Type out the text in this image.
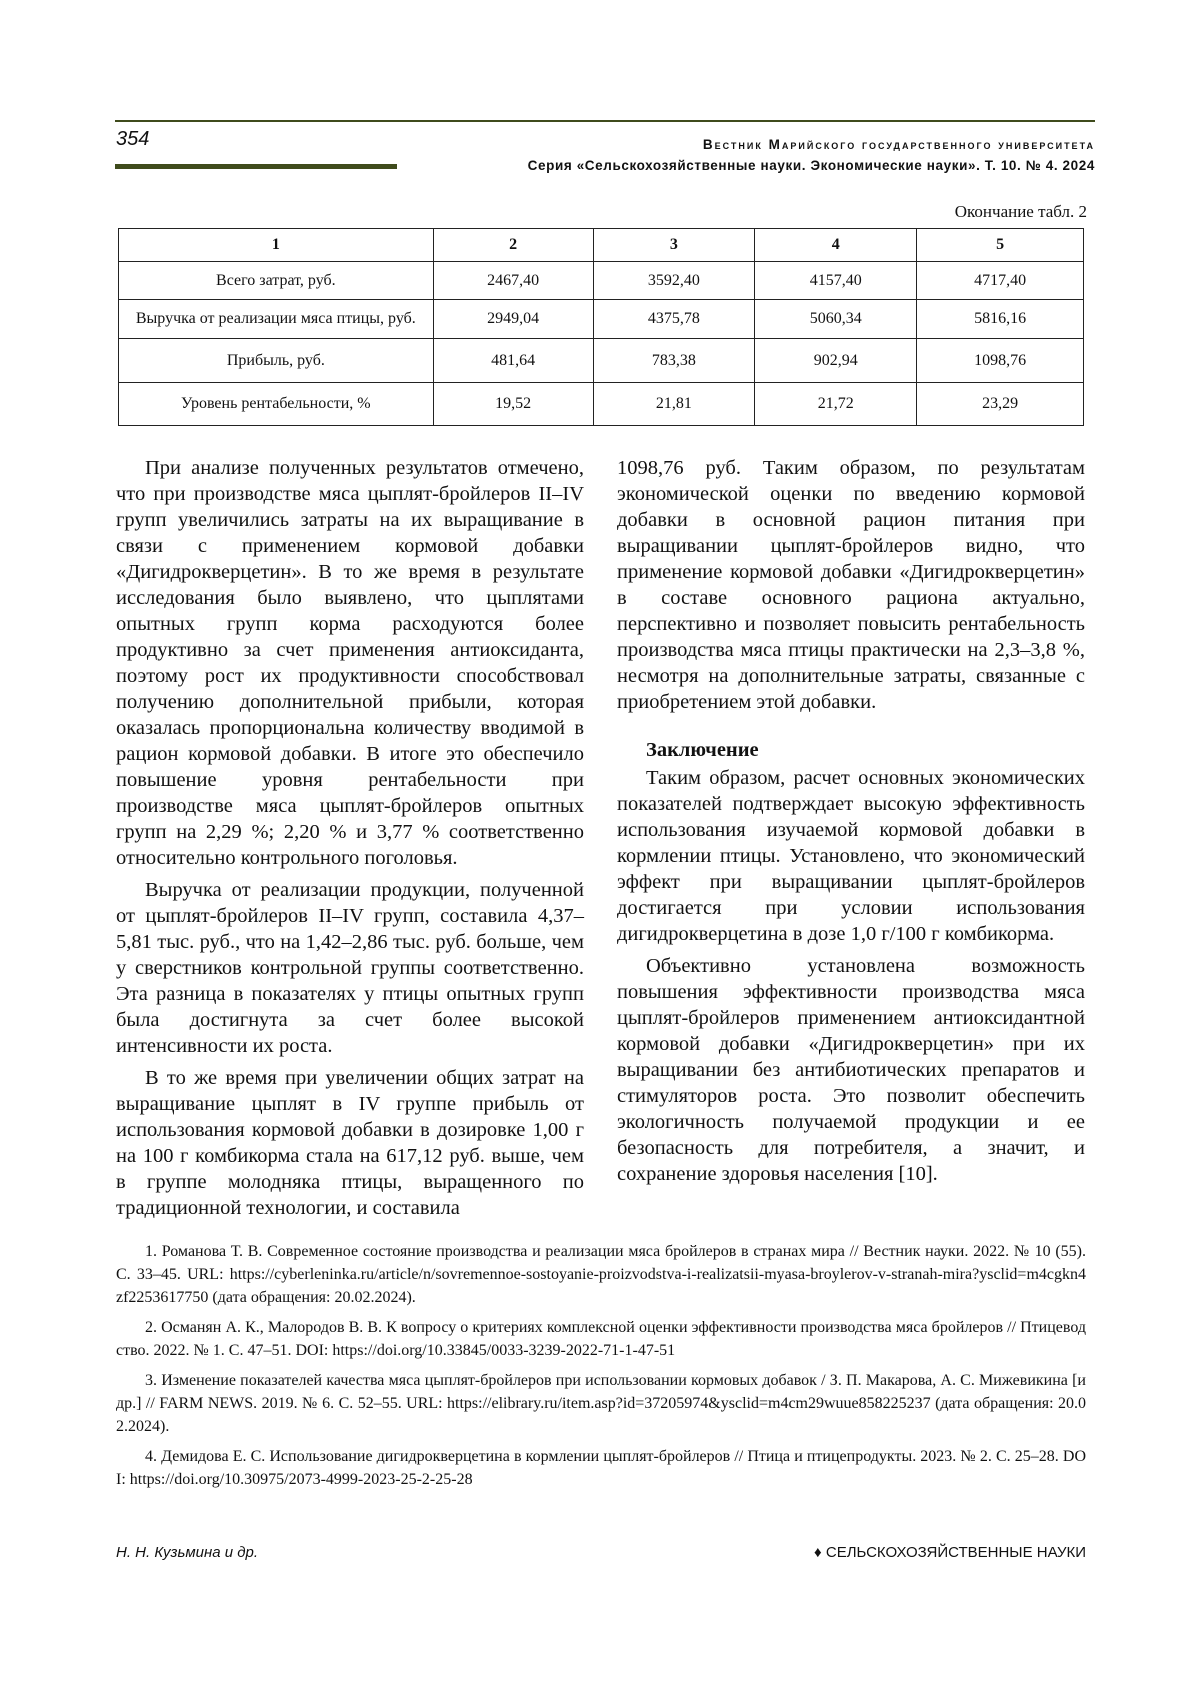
354	Вестник Марийского государственного университета
Серия «Сельскохозяйственные науки. Экономические науки». Т. 10. № 4. 2024
Окончание табл. 2
1	2	3	4	5
Всего затрат, руб.	2467,40	3592,40	4157,40	4717,40
Выручка от реализации мяса птицы, руб.	2949,04	4375,78	5060,34	5816,16
Прибыль, руб.	481,64	783,38	902,94	1098,76
Уровень рентабельности, %	19,52	21,81	21,72	23,29

При анализе полученных результатов отмечено, что при производстве мяса цыплят-бройлеров II–IV групп увеличились затраты на их выращивание в связи с применением кормовой добавки «Дигидрокверцетин». В то же время в результате исследования было выявлено, что цыплятами опытных групп корма расходуются более продуктивно за счет применения антиоксиданта, поэтому рост их продуктивности способствовал получению дополнительной прибыли, которая оказалась пропорциональна количеству вводимой в рацион кормовой добавки. В итоге это обеспечило повышение уровня рентабельности при производстве мяса цыплят-бройлеров опытных групп на 2,29 %; 2,20 % и 3,77 % соответственно относительно контрольного поголовья.

Выручка от реализации продукции, полученной от цыплят-бройлеров II–IV групп, составила 4,37–5,81 тыс. руб., что на 1,42–2,86 тыс. руб. больше, чем у сверстников контрольной группы соответственно. Эта разница в показателях у птицы опытных групп была достигнута за счет более высокой интенсивности их роста.

В то же время при увеличении общих затрат на выращивание цыплят в IV группе прибыль от использования кормовой добавки в дозировке 1,00 г на 100 г комбикорма стала на 617,12 руб. выше, чем в группе молодняка птицы, выращенного по традиционной технологии, и составила

1098,76 руб. Таким образом, по результатам экономической оценки по введению кормовой добавки в основной рацион питания при выращивании цыплят-бройлеров видно, что применение кормовой добавки «Дигидрокверцетин» в составе основного рациона актуально, перспективно и позволяет повысить рентабельность производства мяса птицы практически на 2,3–3,8 %, несмотря на дополнительные затраты, связанные с приобретением этой добавки.

Заключение

Таким образом, расчет основных экономических показателей подтверждает высокую эффективность использования изучаемой кормовой добавки в кормлении птицы. Установлено, что экономический эффект при выращивании цыплят-бройлеров достигается при условии использования дигидрокверцетина в дозе 1,0 г/100 г комбикорма.

Объективно установлена возможность повышения эффективности производства мяса цыплят-бройлеров применением антиоксидантной кормовой добавки «Дигидрокверцетин» при их выращивании без антибиотических препаратов и стимуляторов роста. Это позволит обеспечить экологичность получаемой продукции и ее безопасность для потребителя, а значит, и сохранение здоровья населения [10].

1. Романова Т. В. Современное состояние производства и реализации мяса бройлеров в странах мира // Вестник науки. 2022. № 10 (55). С. 33–45. URL: https://cyberleninka.ru/article/n/sovremennoe-sostoyanie-proizvodstva-i-realizatsii-myasa-broylerov-v-stranah-mira?ysclid=m4cgkn4zf2253617750 (дата обращения: 20.02.2024).

2. Османян А. К., Малородов В. В. К вопросу о критериях комплексной оценки эффективности производства мяса бройлеров // Птицеводство. 2022. № 1. С. 47–51. DOI: https://doi.org/10.33845/0033-3239-2022-71-1-47-51

3. Изменение показателей качества мяса цыплят-бройлеров при использовании кормовых добавок / З. П. Макарова, А. С. Мижевикина [и др.] // FARM NEWS. 2019. № 6. С. 52–55. URL: https://elibrary.ru/item.asp?id=37205974&ysclid=m4cm29wuue858225237 (дата обращения: 20.02.2024).

4. Демидова Е. С. Использование дигидрокверцетина в кормлении цыплят-бройлеров // Птица и птицепродукты. 2023. № 2. С. 25–28. DOI: https://doi.org/10.30975/2073-4999-2023-25-2-25-28

Н. Н. Кузьмина и др.	♦ СЕЛЬСКОХОЗЯЙСТВЕННЫЕ НАУКИ
